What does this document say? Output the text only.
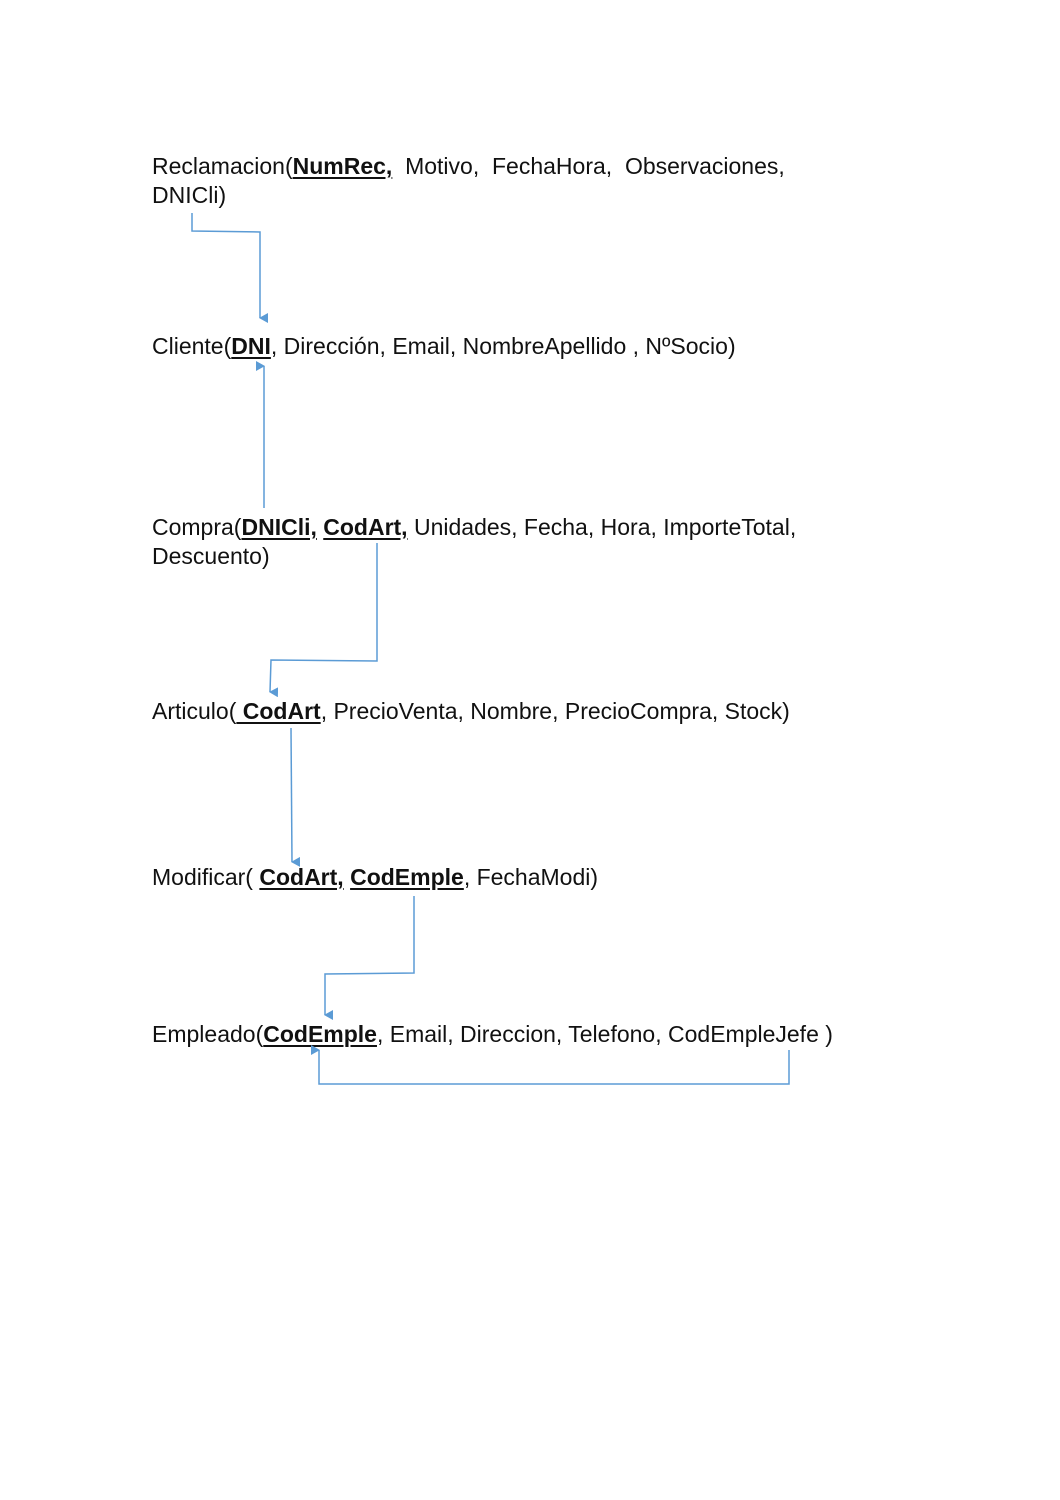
Reclamacion(NumRec,  Motivo,  FechaHora,  Observaciones,
DNICli)
Cliente(DNI, Dirección, Email, NombreApellido , NºSocio)
Compra(DNICli, CodArt, Unidades, Fecha, Hora, ImporteTotal,
Descuento)
Articulo( CodArt, PrecioVenta, Nombre, PrecioCompra, Stock)
Modificar( CodArt, CodEmple, FechaModi)
Empleado(CodEmple, Email, Direccion, Telefono, CodEmpleJefe )
